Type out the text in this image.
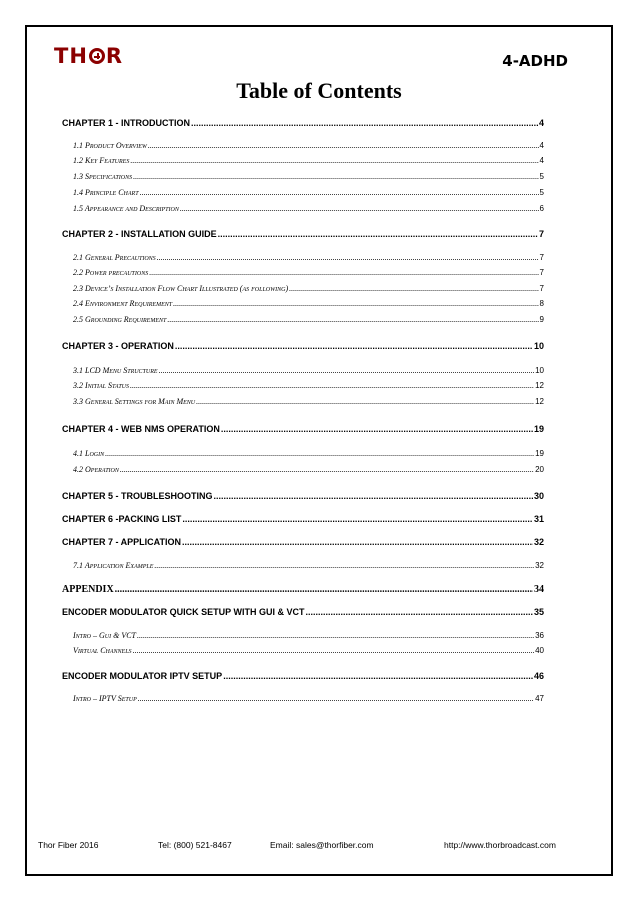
TH R	4-ADHD
Table of Contents
CHAPTER 1 - INTRODUCTION .....	4
1.1 Product Overview .....	4
1.2 Key Features .....	4
1.3 Specifications .....	5
1.4 Principle Chart .....	5
1.5 Appearance and Description .....	6
CHAPTER 2 - INSTALLATION GUIDE .....	7
2.1 General Precautions .....	7
2.2 Power precautions .....	7
2.3 Device’s Installation Flow Chart Illustrated (as following) .....	7
2.4 Environment Requirement .....	8
2.5 Grounding Requirement .....	9
CHAPTER 3 - OPERATION .....	10
3.1 LCD Menu Structure .....	10
3.2 Initial Status .....	12
3.3 General Settings for Main Menu .....	12
CHAPTER 4 - WEB NMS OPERATION .....	19
4.1 Login .....	19
4.2 Operation .....	20
CHAPTER 5 - TROUBLESHOOTING .....	30
CHAPTER 6 -PACKING LIST .....	31
CHAPTER 7 - APPLICATION .....	32
7.1 Application Example .....	32
APPENDIX .....	34
ENCODER MODULATOR QUICK SETUP WITH GUI & VCT .....	35
Intro – Gui & VCT .....	36
Virtual Channels .....	40
ENCODER MODULATOR IPTV SETUP .....	46
Intro – IPTV Setup .....	47
Thor Fiber 2016	Tel: (800) 521-8467	Email: sales@thorfiber.com	http://www.thorbroadcast.com
